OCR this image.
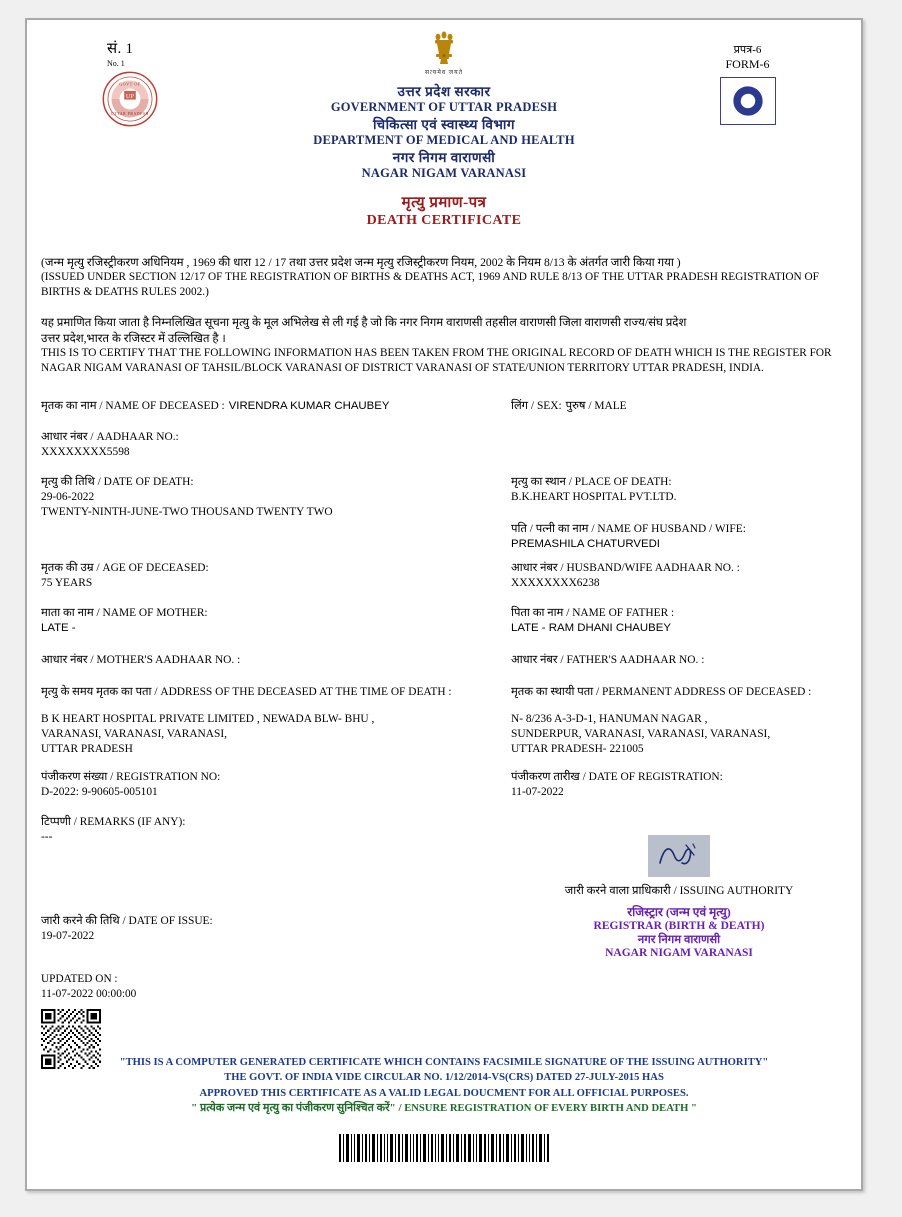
सं. 1
No. 1
UP
GOVT OF
UTTAR PRADESH
सत्यमेव जयते
उत्तर प्रदेश सरकार
GOVERNMENT OF UTTAR PRADESH
चिकित्सा एवं स्वास्थ्य विभाग
DEPARTMENT OF MEDICAL AND HEALTH
नगर निगम वाराणसी
NAGAR NIGAM VARANASI
प्रपत्र-6
FORM-6
मृत्यु प्रमाण-पत्र
DEATH CERTIFICATE
(जन्म मृत्यु रजिस्ट्रीकरण अधिनियम , 1969 की धारा 12 / 17 तथा उत्तर प्रदेश जन्म मृत्यु रजिस्ट्रीकरण नियम, 2002 के नियम 8/13 के अंतर्गत जारी किया गया )
(ISSUED UNDER SECTION 12/17 OF THE REGISTRATION OF BIRTHS & DEATHS ACT, 1969 AND RULE 8/13 OF THE UTTAR PRADESH REGISTRATION OF BIRTHS & DEATHS RULES 2002.)
यह प्रमाणित किया जाता है निम्नलिखित सूचना मृत्यु के मूल अभिलेख से ली गई है जो कि नगर निगम वाराणसी तहसील वाराणसी जिला वाराणसी राज्य/संघ प्रदेश
उत्तर प्रदेश,भारत के रजिस्टर में उल्लिखित है ।
THIS IS TO CERTIFY THAT THE FOLLOWING INFORMATION HAS BEEN TAKEN FROM THE ORIGINAL RECORD OF DEATH WHICH IS THE REGISTER FOR NAGAR NIGAM VARANASI OF TAHSIL/BLOCK VARANASI OF DISTRICT VARANASI OF STATE/UNION TERRITORY UTTAR PRADESH, INDIA.
मृतक का नाम / NAME OF DECEASED : VIRENDRA KUMAR CHAUBEY	लिंग / SEX: पुरुष / MALE
आधार नंबर / AADHAAR NO.:
XXXXXXXX5598
मृत्यु की तिथि / DATE OF DEATH:
29-06-2022
TWENTY-NINTH-JUNE-TWO THOUSAND TWENTY TWO
मृत्यु का स्थान / PLACE OF DEATH:
B.K.HEART HOSPITAL PVT.LTD.
पति / पत्नी का नाम / NAME OF HUSBAND / WIFE:
PREMASHILA CHATURVEDI
मृतक की उम्र / AGE OF DECEASED:
75 YEARS
आधार नंबर / HUSBAND/WIFE AADHAAR NO. :
XXXXXXXX6238
माता का नाम / NAME OF MOTHER:
LATE -
पिता का नाम / NAME OF FATHER :
LATE - RAM DHANI CHAUBEY
आधार नंबर / MOTHER'S AADHAAR NO. :	आधार नंबर / FATHER'S AADHAAR NO. :
मृत्यु के समय मृतक का पता / ADDRESS OF THE DECEASED AT THE TIME OF DEATH :	मृतक का स्थायी पता / PERMANENT ADDRESS OF DECEASED :
B K HEART HOSPITAL PRIVATE LIMITED , NEWADA BLW- BHU ,
VARANASI, VARANASI, VARANASI,
UTTAR PRADESH
N- 8/236 A-3-D-1, HANUMAN NAGAR ,
SUNDERPUR, VARANASI, VARANASI, VARANASI,
UTTAR PRADESH- 221005
पंजीकरण संख्या / REGISTRATION NO:
D-2022: 9-90605-005101
पंजीकरण तारीख / DATE OF REGISTRATION:
11-07-2022
टिप्पणी / REMARKS (IF ANY):
---
जारी करने की तिथि / DATE OF ISSUE:
19-07-2022
जारी करने वाला प्राधिकारी / ISSUING AUTHORITY
रजिस्ट्रार (जन्म एवं मृत्यु)
REGISTRAR (BIRTH & DEATH)
नगर निगम वाराणसी
NAGAR NIGAM VARANASI
UPDATED ON :
11-07-2022 00:00:00
"THIS IS A COMPUTER GENERATED CERTIFICATE WHICH CONTAINS FACSIMILE SIGNATURE OF THE ISSUING AUTHORITY"
THE GOVT. OF INDIA VIDE CIRCULAR NO. 1/12/2014-VS(CRS) DATED 27-JULY-2015 HAS
APPROVED THIS CERTIFICATE AS A VALID LEGAL DOUCMENT FOR ALL OFFICIAL PURPOSES.
" प्रत्येक जन्म एवं मृत्यु का पंजीकरण सुनिश्चित करें" / ENSURE REGISTRATION OF EVERY BIRTH AND DEATH "
